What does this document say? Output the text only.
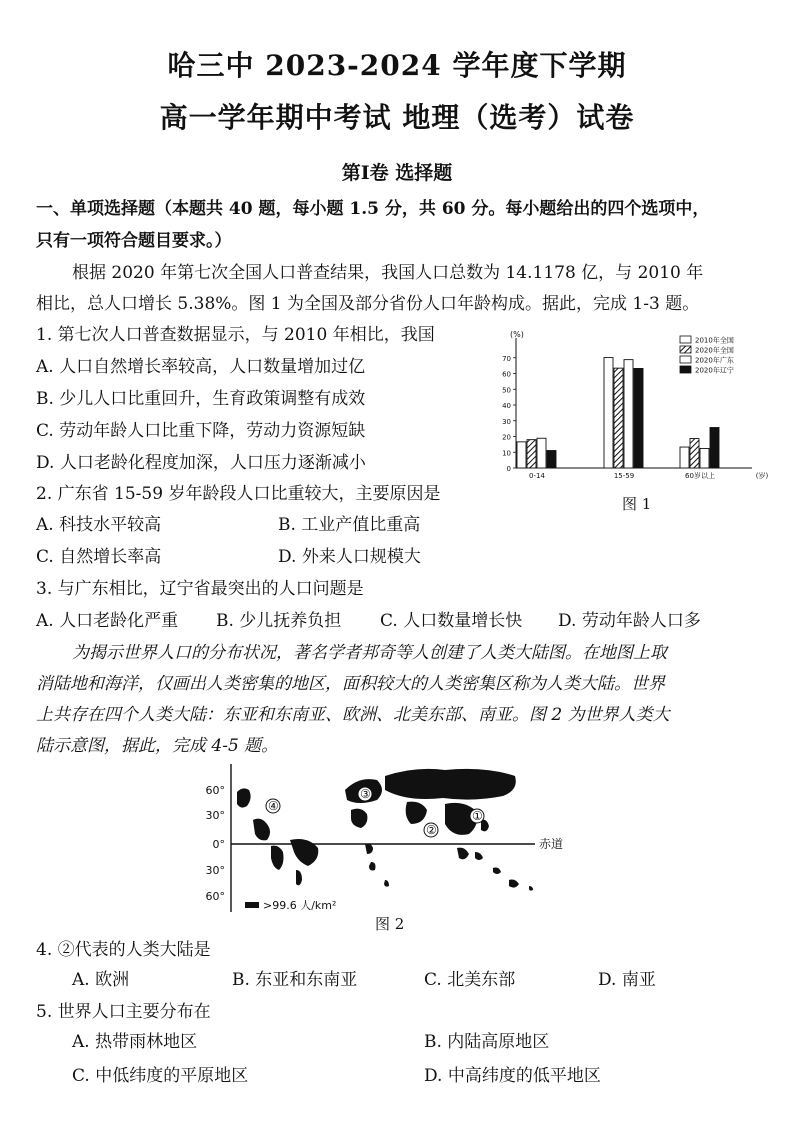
哈三中 2023-2024 学年度下学期
高一学年期中考试 地理（选考）试卷
第Ⅰ卷 选择题
一、单项选择题（本题共 40 题，每小题 1.5 分，共 60 分。每小题给出的四个选项中，
只有一项符合题目要求。）
根据 2020 年第七次全国人口普查结果，我国人口总数为 14.1178 亿，与 2010 年
相比，总人口增长 5.38%。图 1 为全国及部分省份人口年龄构成。据此，完成 1-3 题。
1. 第七次人口普查数据显示，与 2010 年相比，我国
A. 人口自然增长率较高，人口数量增加过亿
B. 少儿人口比重回升，生育政策调整有成效
C. 劳动年龄人口比重下降，劳动力资源短缺
D. 人口老龄化程度加深，人口压力逐渐减小
(%)
0
10
20
30
40
50
60
70
0-14	15-59	60岁以上	(岁)
2010年全国
2020年全国
2020年广东
2020年辽宁
图 1
2. 广东省 15-59 岁年龄段人口比重较大，主要原因是
A. 科技水平较高	B. 工业产值比重高
C. 自然增长率高	D. 外来人口规模大
3. 与广东相比，辽宁省最突出的人口问题是
A. 人口老龄化严重 B. 少儿抚养负担 C. 人口数量增长快 D. 劳动年龄人口多
为揭示世界人口的分布状况，著名学者邦奇等人创建了人类大陆图。在地图上取
消陆地和海洋，仅画出人类密集的地区，面积较大的人类密集区称为人类大陆。世界
上共存在四个人类大陆：东亚和东南亚、欧洲、北美东部、南亚。图 2 为世界人类大
陆示意图，据此，完成 4-5 题。
60°
30°
0°
30°
60°
④
③
②
①
赤道
>99.6 人/km²
图 2
4. ②代表的人类大陆是
A. 欧洲	B. 东亚和东南亚	C. 北美东部	D. 南亚
5. 世界人口主要分布在
A. 热带雨林地区	B. 内陆高原地区
C. 中低纬度的平原地区	D. 中高纬度的低平地区
